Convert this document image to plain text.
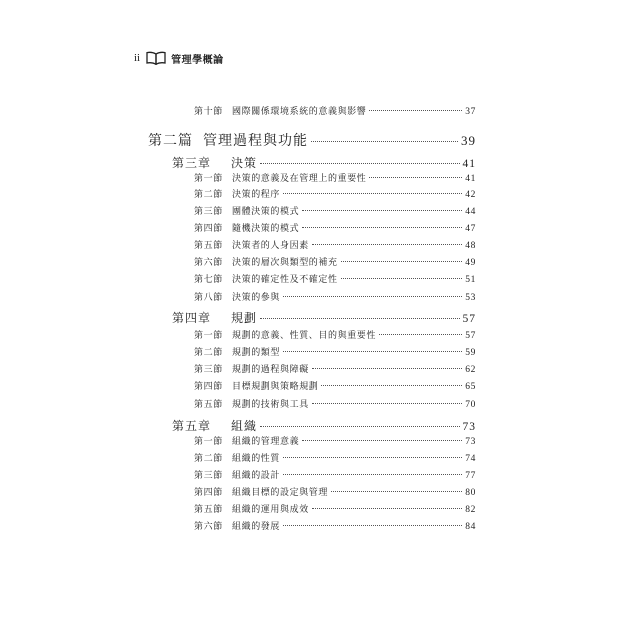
ii	管理學概論
第十節	國際關係環境系統的意義與影響	37
第二篇 管理過程與功能	39
第三章	決策	41
第一節	決策的意義及在管理上的重要性	41
第二節	決策的程序	42
第三節	團體決策的模式	44
第四節	隨機決策的模式	47
第五節	決策者的人身因素	48
第六節	決策的層次與類型的補充	49
第七節	決策的確定性及不確定性	51
第八節	決策的參與	53
第四章	規劃	57
第一節	規劃的意義、性質、目的與重要性	57
第二節	規劃的類型	59
第三節	規劃的過程與障礙	62
第四節	目標規劃與策略規劃	65
第五節	規劃的技術與工具	70
第五章	組織	73
第一節	組織的管理意義	73
第二節	組織的性質	74
第三節	組織的設計	77
第四節	組織目標的設定與管理	80
第五節	組織的運用與成效	82
第六節	組織的發展	84
